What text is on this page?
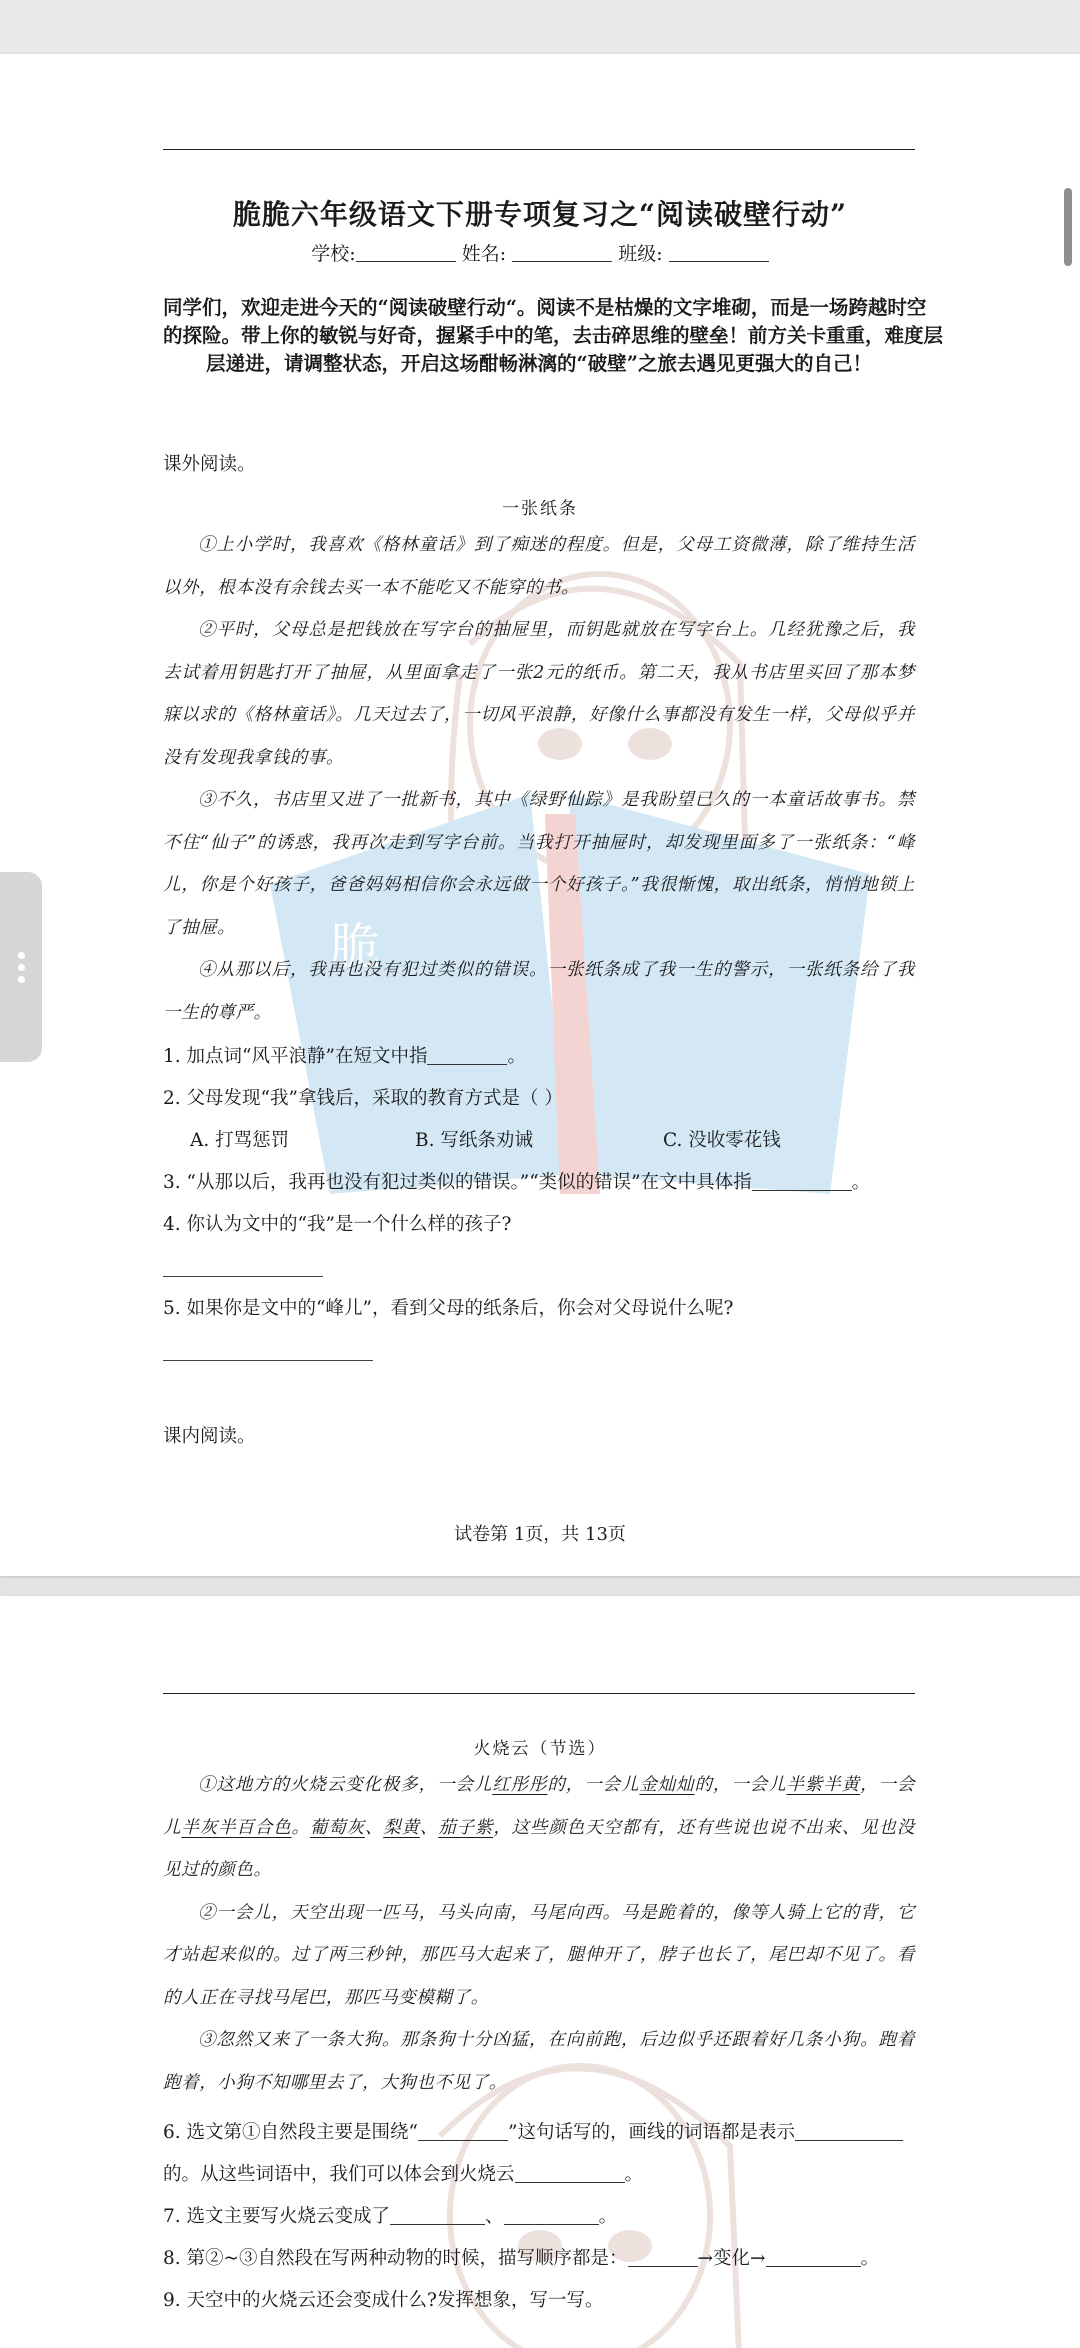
脆
脆脆六年级语文下册专项复习之“阅读破壁行动”
学校:	姓名:	班级:
同学们，欢迎走进今天的“阅读破壁行动“。阅读不是枯燥的文字堆砌，而是一场跨越时空
的探险。带上你的敏锐与好奇，握紧手中的笔，去击碎思维的壁垒！前方关卡重重，难度层
层递进，请调整状态，开启这场酣畅淋漓的“破壁”之旅去遇见更强大的自己！
课外阅读。
一张纸条

①上小学时，我喜欢《格林童话》到了痴迷的程度。但是，父母工资微薄，除了维持生活以外，根本没有余钱去买一本不能吃又不能穿的书。

②平时，父母总是把钱放在写字台的抽屉里，而钥匙就放在写字台上。几经犹豫之后，我去试着用钥匙打开了抽屉，从里面拿走了一张2元的纸币。第二天，我从书店里买回了那本梦寐以求的《格林童话》。几天过去了，一切风平浪静，好像什么事都没有发生一样，父母似乎并没有发现我拿钱的事。

③不久，书店里又进了一批新书，其中《绿野仙踪》是我盼望已久的一本童话故事书。禁不住“仙子”的诱惑，我再次走到写字台前。当我打开抽屉时，却发现里面多了一张纸条：“峰儿，你是个好孩子，爸爸妈妈相信你会永远做一个好孩子。”我很惭愧，取出纸条，悄悄地锁上了抽屉。

④从那以后，我再也没有犯过类似的错误。一张纸条成了我一生的警示，一张纸条给了我一生的尊严。

1. 加点词“风平浪静”在短文中指	。
2. 父母发现“我”拿钱后，采取的教育方式是（ ）
A. 打骂惩罚	B. 写纸条劝诫	C. 没收零花钱
3. “从那以后，我再也没有犯过类似的错误。”“类似的错误”在文中具体指	。
4. 你认为文中的“我”是一个什么样的孩子?
5. 如果你是文中的“峰儿”，看到父母的纸条后，你会对父母说什么呢?
课内阅读。
试卷第 1页，共 13页
火烧云（节选）

①这地方的火烧云变化极多，一会儿红彤彤的，一会儿金灿灿的，一会儿半紫半黄，一会儿半灰半百合色。葡萄灰、梨黄、茄子紫，这些颜色天空都有，还有些说也说不出来、见也没见过的颜色。

②一会儿，天空出现一匹马，马头向南，马尾向西。马是跪着的，像等人骑上它的背，它才站起来似的。过了两三秒钟，那匹马大起来了，腿伸开了，脖子也长了，尾巴却不见了。看的人正在寻找马尾巴，那匹马变模糊了。

③忽然又来了一条大狗。那条狗十分凶猛，在向前跑，后边似乎还跟着好几条小狗。跑着跑着，小狗不知哪里去了，大狗也不见了。

6. 选文第①自然段主要是围绕“	”这句话写的，画线的词语都是表示
的。从这些词语中，我们可以体会到火烧云	。
7. 选文主要写火烧云变成了	、	。
8. 第②~③自然段在写两种动物的时候，描写顺序都是：	→变化→	。
9. 天空中的火烧云还会变成什么?发挥想象，写一写。
